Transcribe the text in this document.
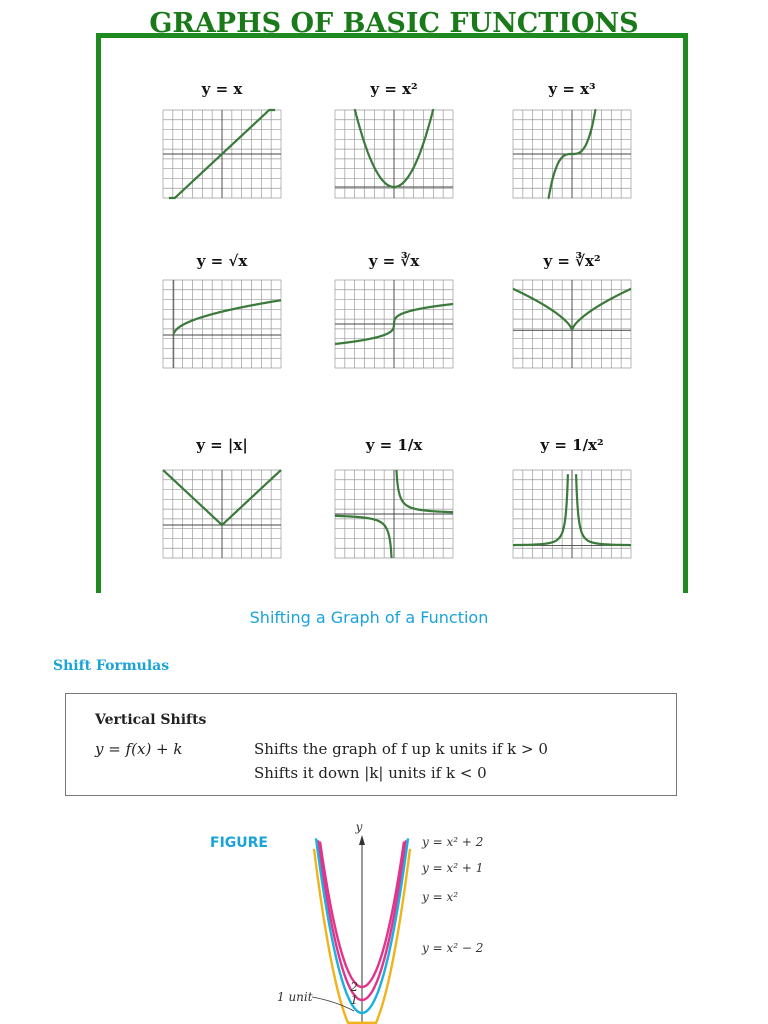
GRAPHS OF BASIC FUNCTIONS
y = x	y = x²	y = x³
y = √x	y = ∛x	y = ∛x²
y = |x|	y = 1/x	y = 1/x²
Shifting a Graph of a Function
Shift Formulas
Vertical Shifts
y = f(x) + k	Shifts the graph of f up k units if k > 0
Shifts it down |k| units if k < 0
FIGURE
y
y = x² + 2
y = x² + 1
y = x²
y = x² − 2
2
1
1 unit
